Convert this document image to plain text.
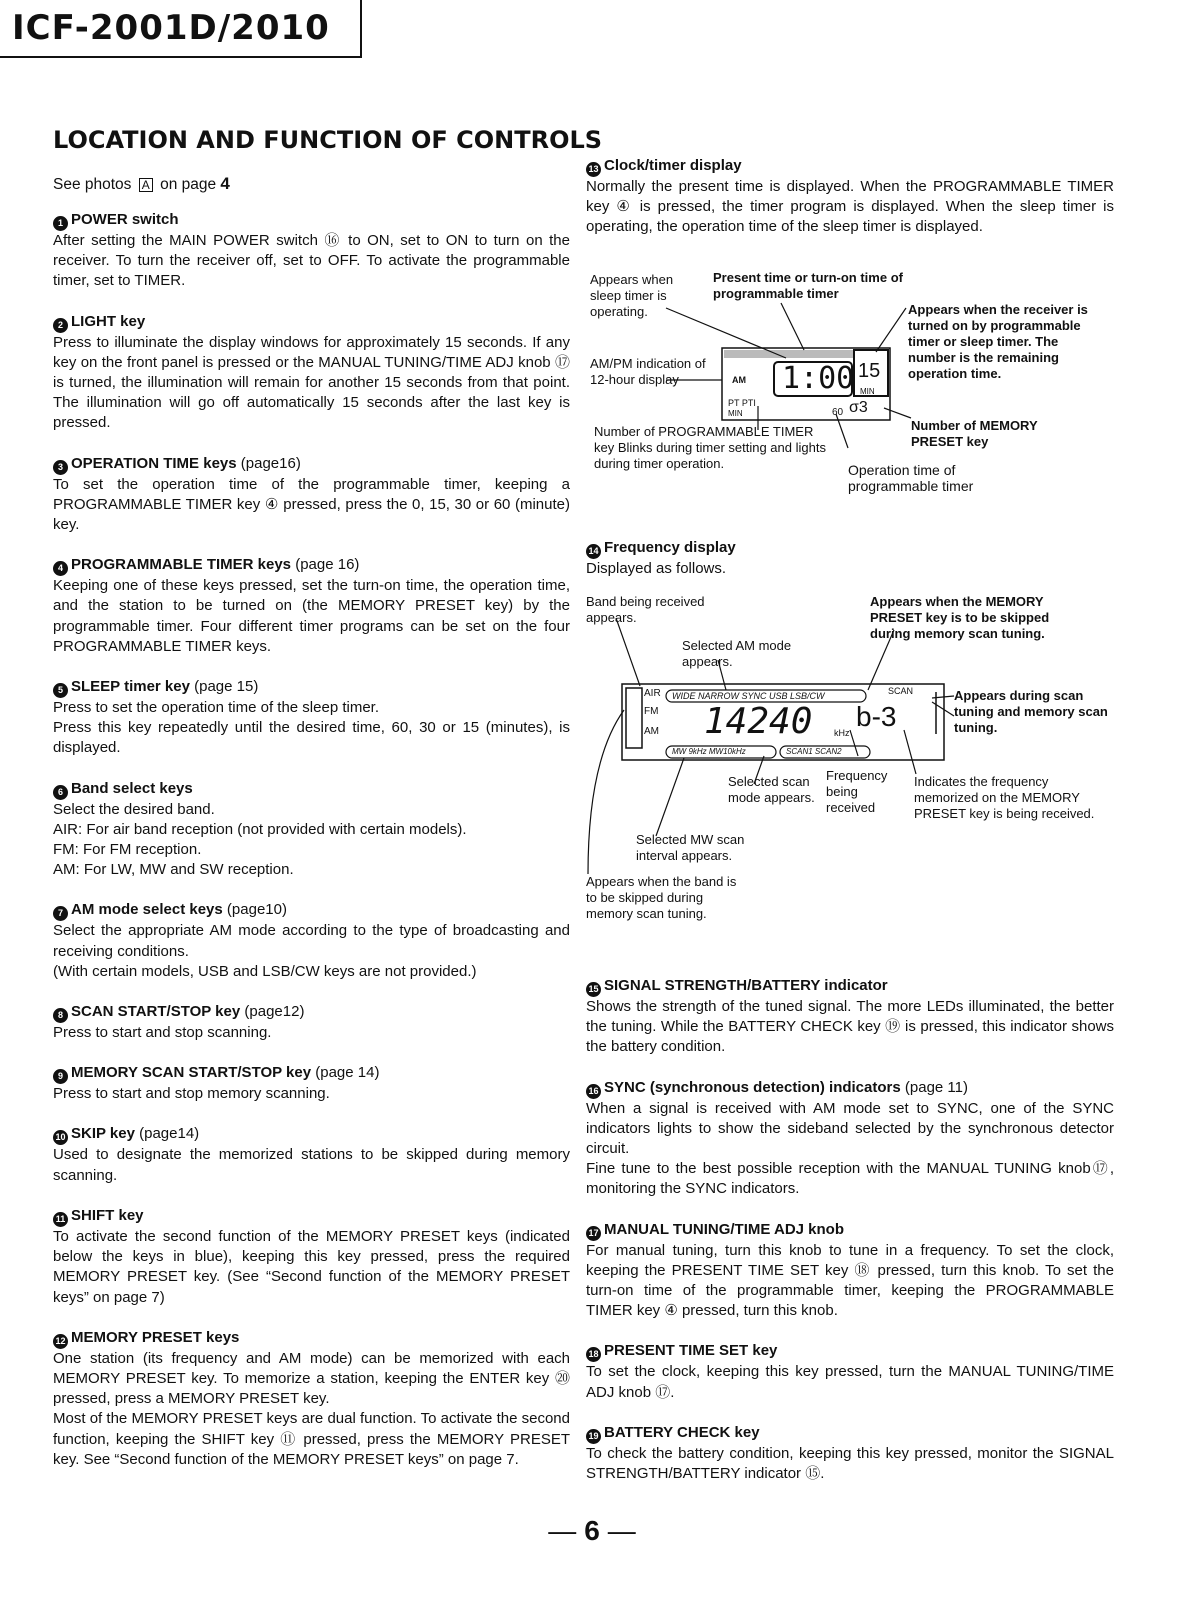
ICF-2001D/2010
LOCATION AND FUNCTION OF CONTROLS
See photos A on page 4
1 POWER switch

After setting the MAIN POWER switch ⑯ to ON, set to ON to turn on the receiver. To turn the receiver off, set to OFF. To activate the programmable timer, set to TIMER.

2 LIGHT key

Press to illuminate the display windows for approximately 15 seconds. If any key on the front panel is pressed or the MANUAL TUNING/TIME ADJ knob ⑰ is turned, the illumination will remain for another 15 seconds from that point. The illumination will go off automatically 15 seconds after the last key is pressed.

3 OPERATION TIME keys (page16)

To set the operation time of the programmable timer, keeping a PROGRAMMABLE TIMER key ④ pressed, press the 0, 15, 30 or 60 (minute) key.

4 PROGRAMMABLE TIMER keys (page 16)

Keeping one of these keys pressed, set the turn-on time, the operation time, and the station to be turned on (the MEMORY PRESET key) by the programmable timer. Four different timer programs can be set on the four PROGRAMMABLE TIMER keys.

5 SLEEP timer key (page 15)

Press to set the operation time of the sleep timer.

Press this key repeatedly until the desired time, 60, 30 or 15 (minutes), is displayed.

6 Band select keys

Select the desired band.

AIR: For air band reception (not provided with certain models).

FM: For FM reception.

AM: For LW, MW and SW reception.

7 AM mode select keys (page10)

Select the appropriate AM mode according to the type of broadcasting and receiving conditions.

(With certain models, USB and LSB/CW keys are not provided.)

8 SCAN START/STOP key (page12)

Press to start and stop scanning.

9 MEMORY SCAN START/STOP key (page 14)

Press to start and stop memory scanning.

10 SKIP key (page14)

Used to designate the memorized stations to be skipped during memory scanning.

11 SHIFT key

To activate the second function of the MEMORY PRESET keys (indicated below the keys in blue), keeping this key pressed, press the required MEMORY PRESET key. (See “Second function of the MEMORY PRESET keys” on page 7)

12 MEMORY PRESET keys

One station (its frequency and AM mode) can be memorized with each MEMORY PRESET key. To memorize a station, keeping the ENTER key ⑳ pressed, press a MEMORY PRESET key.

Most of the MEMORY PRESET keys are dual function. To activate the second function, keeping the SHIFT key ⑪ pressed, press the MEMORY PRESET key. See “Second function of the MEMORY PRESET keys” on page 7.

13 Clock/timer display

Normally the present time is displayed. When the PROGRAMMABLE TIMER key ④ is pressed, the timer program is displayed. When the sleep timer is operating, the operation time of the sleep timer is displayed.

Appears when sleep timer is operating.
Present time or turn-on time of programmable timer
Appears when the receiver is turned on by programmable timer or sleep timer. The number is the remaining operation time.
AM/PM indication of 12-hour display
Number of PROGRAMMABLE TIMER key Blinks during timer setting and lights during timer operation.	Operation time of programmable timer
Number of MEMORY PRESET key
AM 1:00 15
MIN
PT PTI
MIN	60 σ3
14 Frequency display

Displayed as follows.

Band being received appears.
Appears when the MEMORY PRESET key is to be skipped during memory scan tuning.
Selected AM mode appears.
Appears during scan tuning and memory scan tuning.
Selected scan mode appears.
Frequency being received
Indicates the frequency memorized on the MEMORY PRESET key is being received.
Selected MW scan interval appears.
Appears when the band is to be skipped during memory scan tuning.
AIR
FM
AM
WIDE NARROW SYNC USB LSB/CW
14240 kHz
b-3
SCAN
MW 9kHz MW10kHz	SCAN1 SCAN2
15 SIGNAL STRENGTH/BATTERY indicator

Shows the strength of the tuned signal. The more LEDs illuminated, the better the tuning. While the BATTERY CHECK key ⑲ is pressed, this indicator shows the battery condition.

16 SYNC (synchronous detection) indicators (page 11)

When a signal is received with AM mode set to SYNC, one of the SYNC indicators lights to show the sideband selected by the synchronous detector circuit.

Fine tune to the best possible reception with the MANUAL TUNING knob⑰, monitoring the SYNC indicators.

17 MANUAL TUNING/TIME ADJ knob

For manual tuning, turn this knob to tune in a frequency. To set the clock, keeping the PRESENT TIME SET key ⑱ pressed, turn this knob. To set the turn-on time of the programmable timer, keeping the PROGRAMMABLE TIMER key ④ pressed, turn this knob.

18 PRESENT TIME SET key

To set the clock, keeping this key pressed, turn the MANUAL TUNING/TIME ADJ knob ⑰.

19 BATTERY CHECK key

To check the battery condition, keeping this key pressed, monitor the SIGNAL STRENGTH/BATTERY indicator ⑮.

— 6 —
